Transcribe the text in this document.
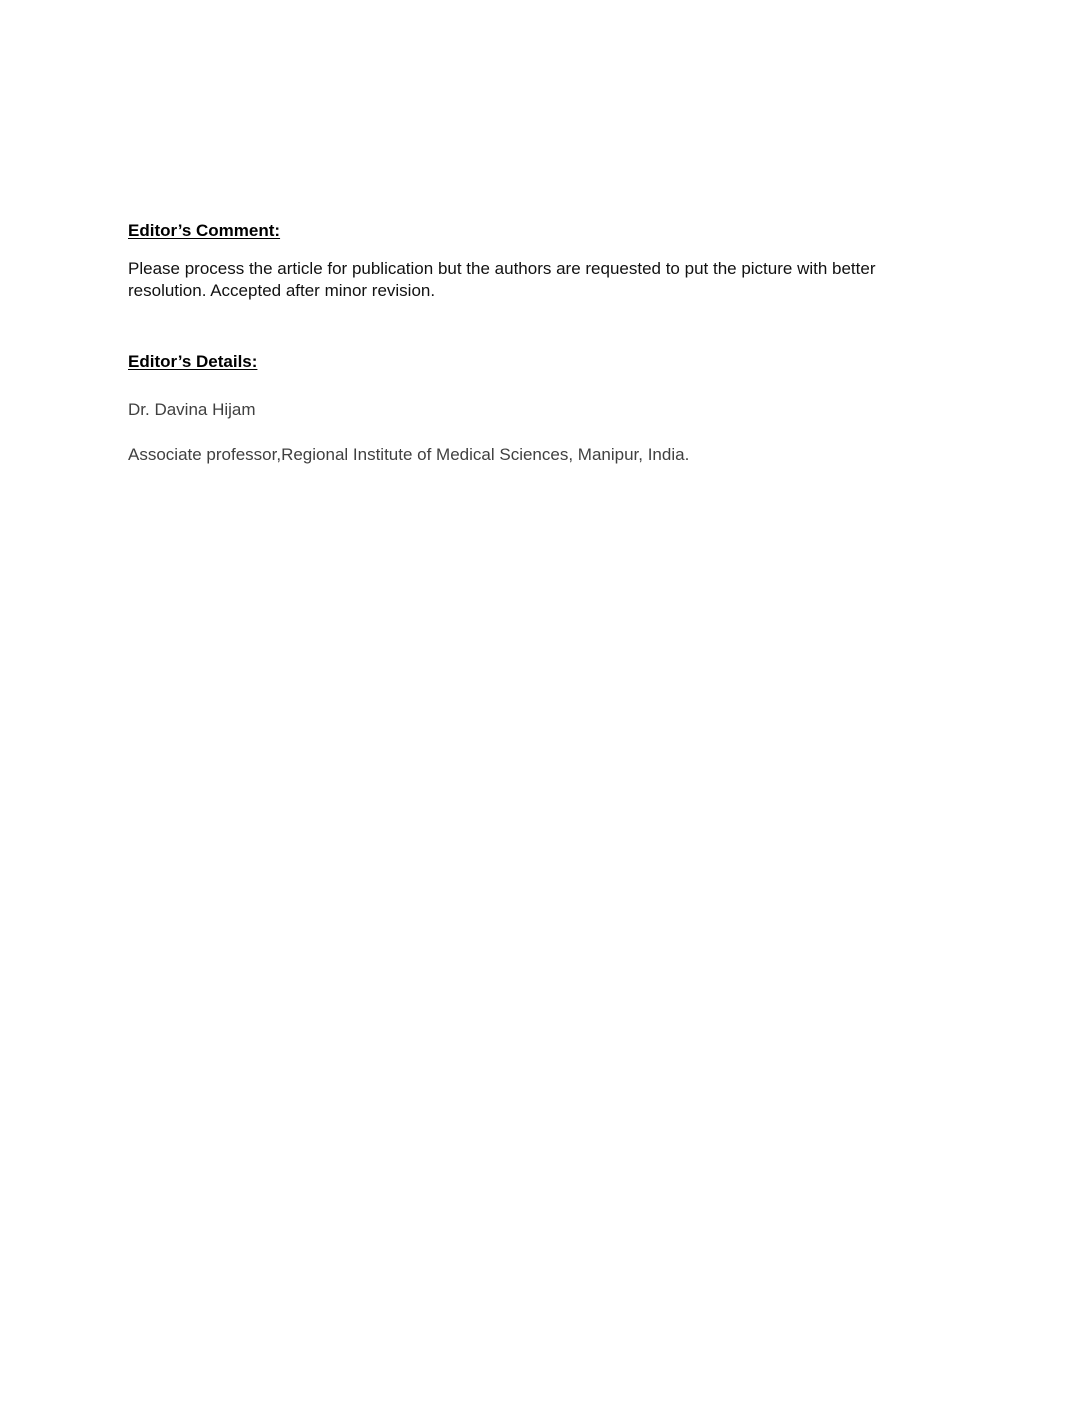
Editor’s Comment:

Please process the article for publication but the authors are requested to put the picture with better resolution. Accepted after minor revision.

Editor’s Details:

Dr. Davina Hijam

Associate professor,Regional Institute of Medical Sciences, Manipur, India.
